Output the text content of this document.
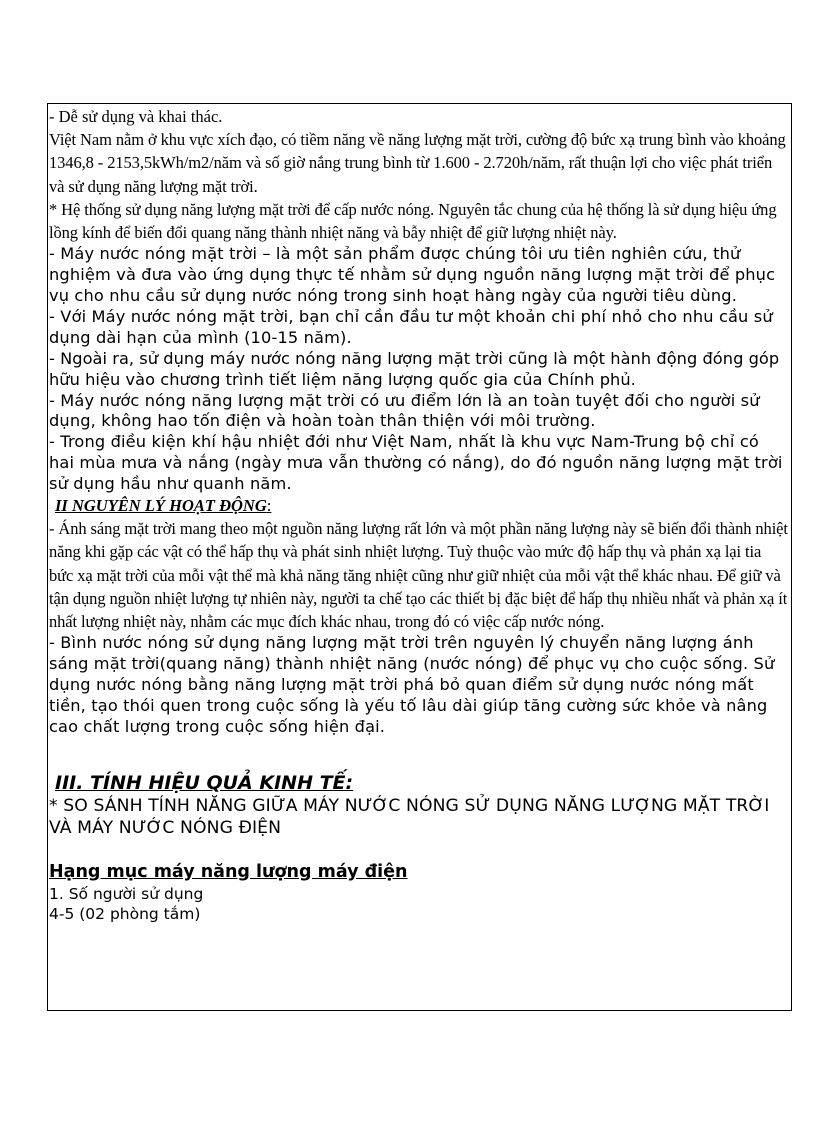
- Dễ sử dụng và khai thác.

Việt Nam nằm ở khu vực xích đạo, có tiềm năng về năng lượng mặt trời, cường độ bức xạ trung bình vào khoảng 1346,8 - 2153,5kWh/m2/năm và số giờ nắng trung bình từ 1.600 - 2.720h/năm, rất thuận lợi cho việc phát triển và sử dụng năng lượng mặt trời.

* Hệ thống sử dụng năng lượng mặt trời để cấp nước nóng. Nguyên tắc chung của hệ thống là sử dụng hiệu ứng lồng kính để biến đổi quang năng thành nhiệt năng và bẫy nhiệt để giữ lượng nhiệt này.

- Máy nước nóng mặt trời – là một sản phẩm được chúng tôi ưu tiên nghiên cứu, thử nghiệm và đưa vào ứng dụng thực tế nhằm sử dụng nguồn năng lượng mặt trời để phục vụ cho nhu cầu sử dụng nước nóng trong sinh hoạt hàng ngày của người tiêu dùng.

- Với Máy nước nóng mặt trời, bạn chỉ cần đầu tư một khoản chi phí nhỏ cho nhu cầu sử dụng dài hạn của mình (10-15 năm).

- Ngoài ra, sử dụng máy nước nóng năng lượng mặt trời cũng là một hành động đóng góp hữu hiệu vào chương trình tiết liệm năng lượng quốc gia của Chính phủ.

- Máy nước nóng năng lượng mặt trời có ưu điểm lớn là an toàn tuyệt đối cho người sử dụng, không hao tốn điện và hoàn toàn thân thiện với môi trường.

- Trong điều kiện khí hậu nhiệt đới như Việt Nam, nhất là khu vực Nam-Trung bộ chỉ có hai mùa mưa và nắng (ngày mưa vẫn thường có nắng), do đó nguồn năng lượng mặt trời sử dụng hầu như quanh năm.

II NGUYÊN LÝ HOẠT ĐỘNG:

- Ánh sáng mặt trời mang theo một nguồn năng lượng rất lớn và một phần năng lượng này sẽ biến đổi thành nhiệt năng khi gặp các vật có thể hấp thụ và phát sinh nhiệt lượng. Tuỳ thuộc vào mức độ hấp thụ và phản xạ lại tia bức xạ mặt trời của mỗi vật thể mà khả năng tăng nhiệt cũng như giữ nhiệt của mỗi vật thể khác nhau. Để giữ và tận dụng nguồn nhiệt lượng tự nhiên này, người ta chế tạo các thiết bị đặc biệt để hấp thụ nhiều nhất và phản xạ ít nhất lượng nhiệt này, nhằm các mục đích khác nhau, trong đó có việc cấp nước nóng.

- Bình nước nóng sử dụng năng lượng mặt trời trên nguyên lý chuyển năng lượng ánh sáng mặt trời(quang năng) thành nhiệt năng (nước nóng) để phục vụ cho cuộc sống. Sử dụng nước nóng bằng năng lượng mặt trời phá bỏ quan điểm sử dụng nước nóng mất tiền, tạo thói quen trong cuộc sống là yếu tố lâu dài giúp tăng cường sức khỏe và nâng cao chất lượng trong cuộc sống hiện đại.

III. TÍNH HIỆU QUẢ KINH TẾ:

* SO SÁNH TÍNH NĂNG GIỮA MÁY NƯỚC NÓNG SỬ DỤNG NĂNG LƯỢNG MẶT TRỜI VÀ MÁY NƯỚC NÓNG ĐIỆN

Hạng mục máy năng lượng máy điện
1. Số người sử dụng
4-5 (02 phòng tắm)
